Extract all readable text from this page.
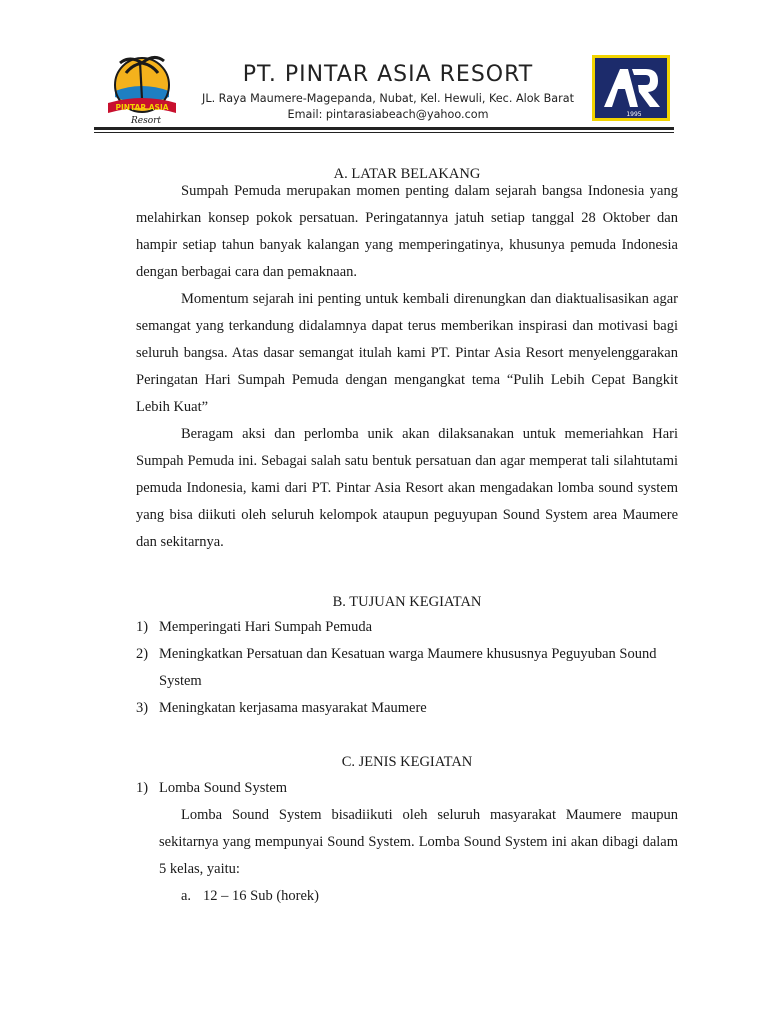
PINTAR ASIA
Resort
PT. PINTAR ASIA RESORT
JL. Raya Maumere-Magepanda, Nubat, Kel. Hewuli, Kec. Alok Barat
Email: pintarasiabeach@yahoo.com	1995
A. LATAR BELAKANG

Sumpah Pemuda merupakan momen penting dalam sejarah bangsa Indonesia yang melahirkan konsep pokok persatuan. Peringatannya jatuh setiap tanggal 28 Oktober dan hampir setiap tahun banyak kalangan yang memperingatinya, khusunya pemuda Indonesia dengan berbagai cara dan pemaknaan.

Momentum sejarah ini penting untuk kembali direnungkan dan diaktualisasikan agar semangat yang terkandung didalamnya dapat terus memberikan inspirasi dan motivasi bagi seluruh bangsa. Atas dasar semangat itulah kami PT. Pintar Asia Resort menyelenggarakan Peringatan Hari Sumpah Pemuda dengan mengangkat tema “Pulih Lebih Cepat Bangkit Lebih Kuat”

Beragam aksi dan perlomba unik akan dilaksanakan untuk memeriahkan Hari Sumpah Pemuda ini. Sebagai salah satu bentuk persatuan dan agar memperat tali silahtutami pemuda Indonesia, kami dari PT. Pintar Asia Resort akan mengadakan lomba sound system yang bisa diikuti oleh seluruh kelompok ataupun peguyupan Sound System area Maumere dan sekitarnya.

B. TUJUAN KEGIATAN
1) Memperingati Hari Sumpah Pemuda
2) Meningkatkan Persatuan dan Kesatuan warga Maumere khususnya Peguyuban Sound System
3) Meningkatan kerjasama masyarakat Maumere
C. JENIS KEGIATAN
1) Lomba Sound System

Lomba Sound System bisadiikuti oleh seluruh masyarakat Maumere maupun sekitarnya yang mempunyai Sound System. Lomba Sound System ini akan dibagi dalam 5 kelas, yaitu:

a. 12 – 16 Sub (horek)
